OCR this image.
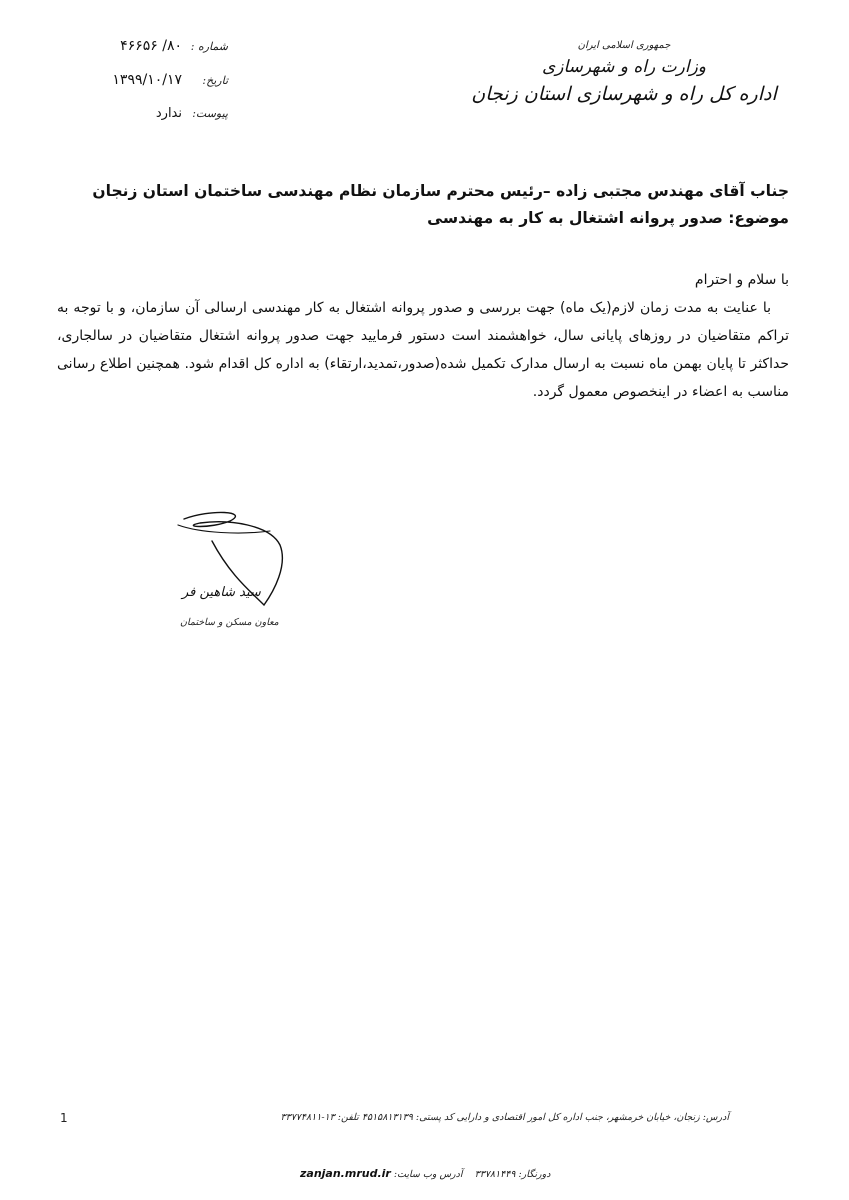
جمهوری اسلامی ایران
وزارت راه و شهرسازی
اداره کل راه و شهرسازی استان زنجان
شماره :
۸۰/ ۴۶۶۵۶
تاریخ:
۱۳۹۹/۱۰/۱۷
پیوست:
ندارد

جناب آقای مهندس مجتبی زاده –رئیس محترم سازمان نظام مهندسی ساختمان استان زنجان

موضوع: صدور پروانه اشتغال به کار به مهندسی

با سلام و احترام

با عنایت به مدت زمان لازم(یک ماه) جهت بررسی و صدور پروانه اشتغال به کار مهندسی ارسالی آن سازمان، و با توجه به تراکم متقاضیان در روزهای پایانی سال، خواهشمند است دستور فرمایید جهت صدور پروانه اشتغال متقاضیان در سالجاری، حداکثر تا پایان بهمن ماه نسبت به ارسال مدارک تکمیل شده(صدور،تمدید،ارتقاء) به اداره کل اقدام شود. همچنین اطلاع رسانی مناسب به اعضاء در اینخصوص معمول گردد.

سید شاهین فر
معاون مسکن و ساختمان
1	آدرس: زنجان، خیابان خرمشهر، جنب اداره کل امور اقتصادی و دارایی کد پستی: ۴۵۱۵۸۱۳۱۳۹ تلفن: ۱۳-۳۳۷۷۴۸۱۱
دورنگار: ۳۳۷۸۱۴۴۹    آدرس وب سایت: zanjan.mrud.ir
